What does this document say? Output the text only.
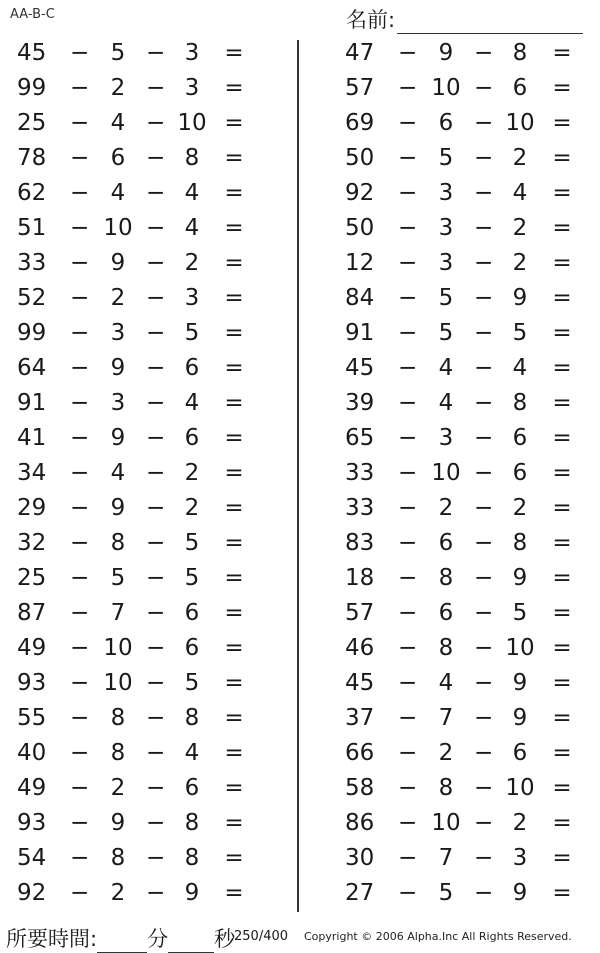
AA-B-C	名前:
45	− 5 − 3	=
99	− 2 − 3	=
25	− 4 − 10 =
78	− 6 − 8	=
62	− 4 − 4	=
51	− 10 − 4	=
33	− 9 − 2	=
52	− 2 − 3	=
99	− 3 − 5	=
64	− 9 − 6	=
91	− 3 − 4	=
41	− 9 − 6	=
34	− 4 − 2	=
29	− 9 − 2	=
32	− 8 − 5	=
25	− 5 − 5	=
87	− 7 − 6	=
49	− 10 − 6	=
93	− 10 − 5	=
55	− 8 − 8	=
40	− 8 − 4	=
49	− 2 − 6	=
93	− 9 − 8	=
54	− 8 − 8	=
92	− 2 − 9	=
47	− 9 − 8	=
57	− 10 − 6	=
69	− 6 − 10 =
50	− 5 − 2	=
92	− 3 − 4	=
50	− 3 − 2	=
12	− 3 − 2	=
84	− 5 − 9	=
91	− 5 − 5	=
45	− 4 − 4	=
39	− 4 − 8	=
65	− 3 − 6	=
33	− 10 − 6	=
33	− 2 − 2	=
83	− 6 − 8	=
18	− 8 − 9	=
57	− 6 − 5	=
46	− 8 − 10 =
45	− 4 − 9	=
37	− 7 − 9	=
66	− 2 − 6	=
58	− 8 − 10 =
86	− 10 − 2	=
30	− 7 − 3	=
27	− 5 − 9	=
所要時間: 分 秒
250/400 Copyright © 2006 Alpha.Inc All Rights Reserved.
